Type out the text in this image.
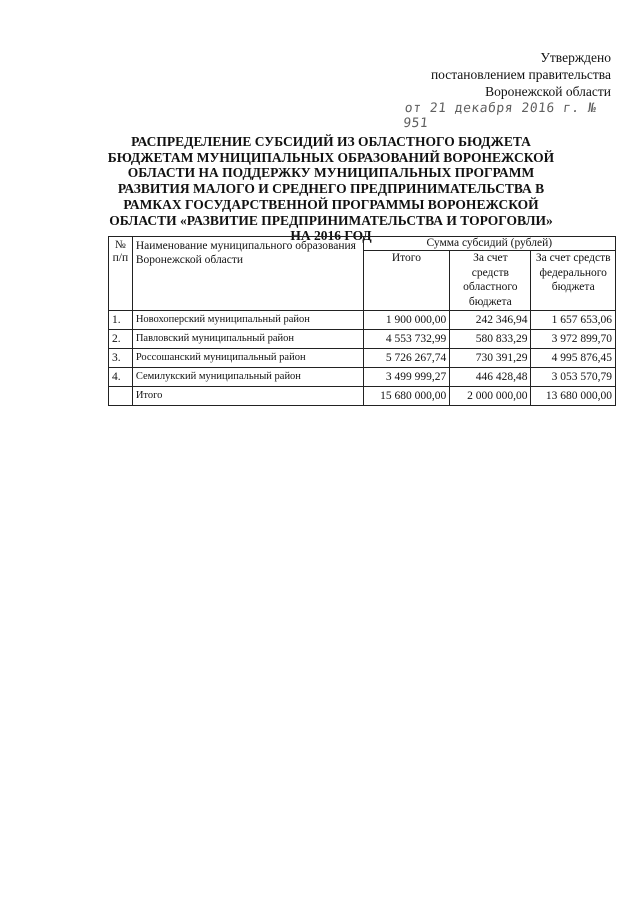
Утверждено
постановлением правительства
Воронежской области
от 21 декабря 2016 г. № 951
РАСПРЕДЕЛЕНИЕ СУБСИДИЙ ИЗ ОБЛАСТНОГО БЮДЖЕТА БЮДЖЕТАМ МУНИЦИПАЛЬНЫХ ОБРАЗОВАНИЙ ВОРОНЕЖСКОЙ ОБЛАСТИ НА ПОДДЕРЖКУ МУНИЦИПАЛЬНЫХ ПРОГРАММ РАЗВИТИЯ МАЛОГО И СРЕДНЕГО ПРЕДПРИНИМАТЕЛЬСТВА В РАМКАХ ГОСУДАРСТВЕННОЙ ПРОГРАММЫ ВОРОНЕЖСКОЙ ОБЛАСТИ «РАЗВИТИЕ ПРЕДПРИНИМАТЕЛЬСТВА И ТОРОГОВЛИ» НА 2016 ГОД
№ п/п	Наименование муниципального образования Воронежской области	Сумма субсидий (рублей)		
		Итого	За счет средств областного бюджета	За счет средств федерального бюджета
1.	Новохоперский муниципальный район	1 900 000,00	242 346,94	1 657 653,06
2.	Павловский муниципальный район	4 553 732,99	580 833,29	3 972 899,70
3.	Россошанский муниципальный район	5 726 267,74	730 391,29	4 995 876,45
4.	Семилукский муниципальный район	3 499 999,27	446 428,48	3 053 570,79
	Итого	15 680 000,00	2 000 000,00	13 680 000,00
